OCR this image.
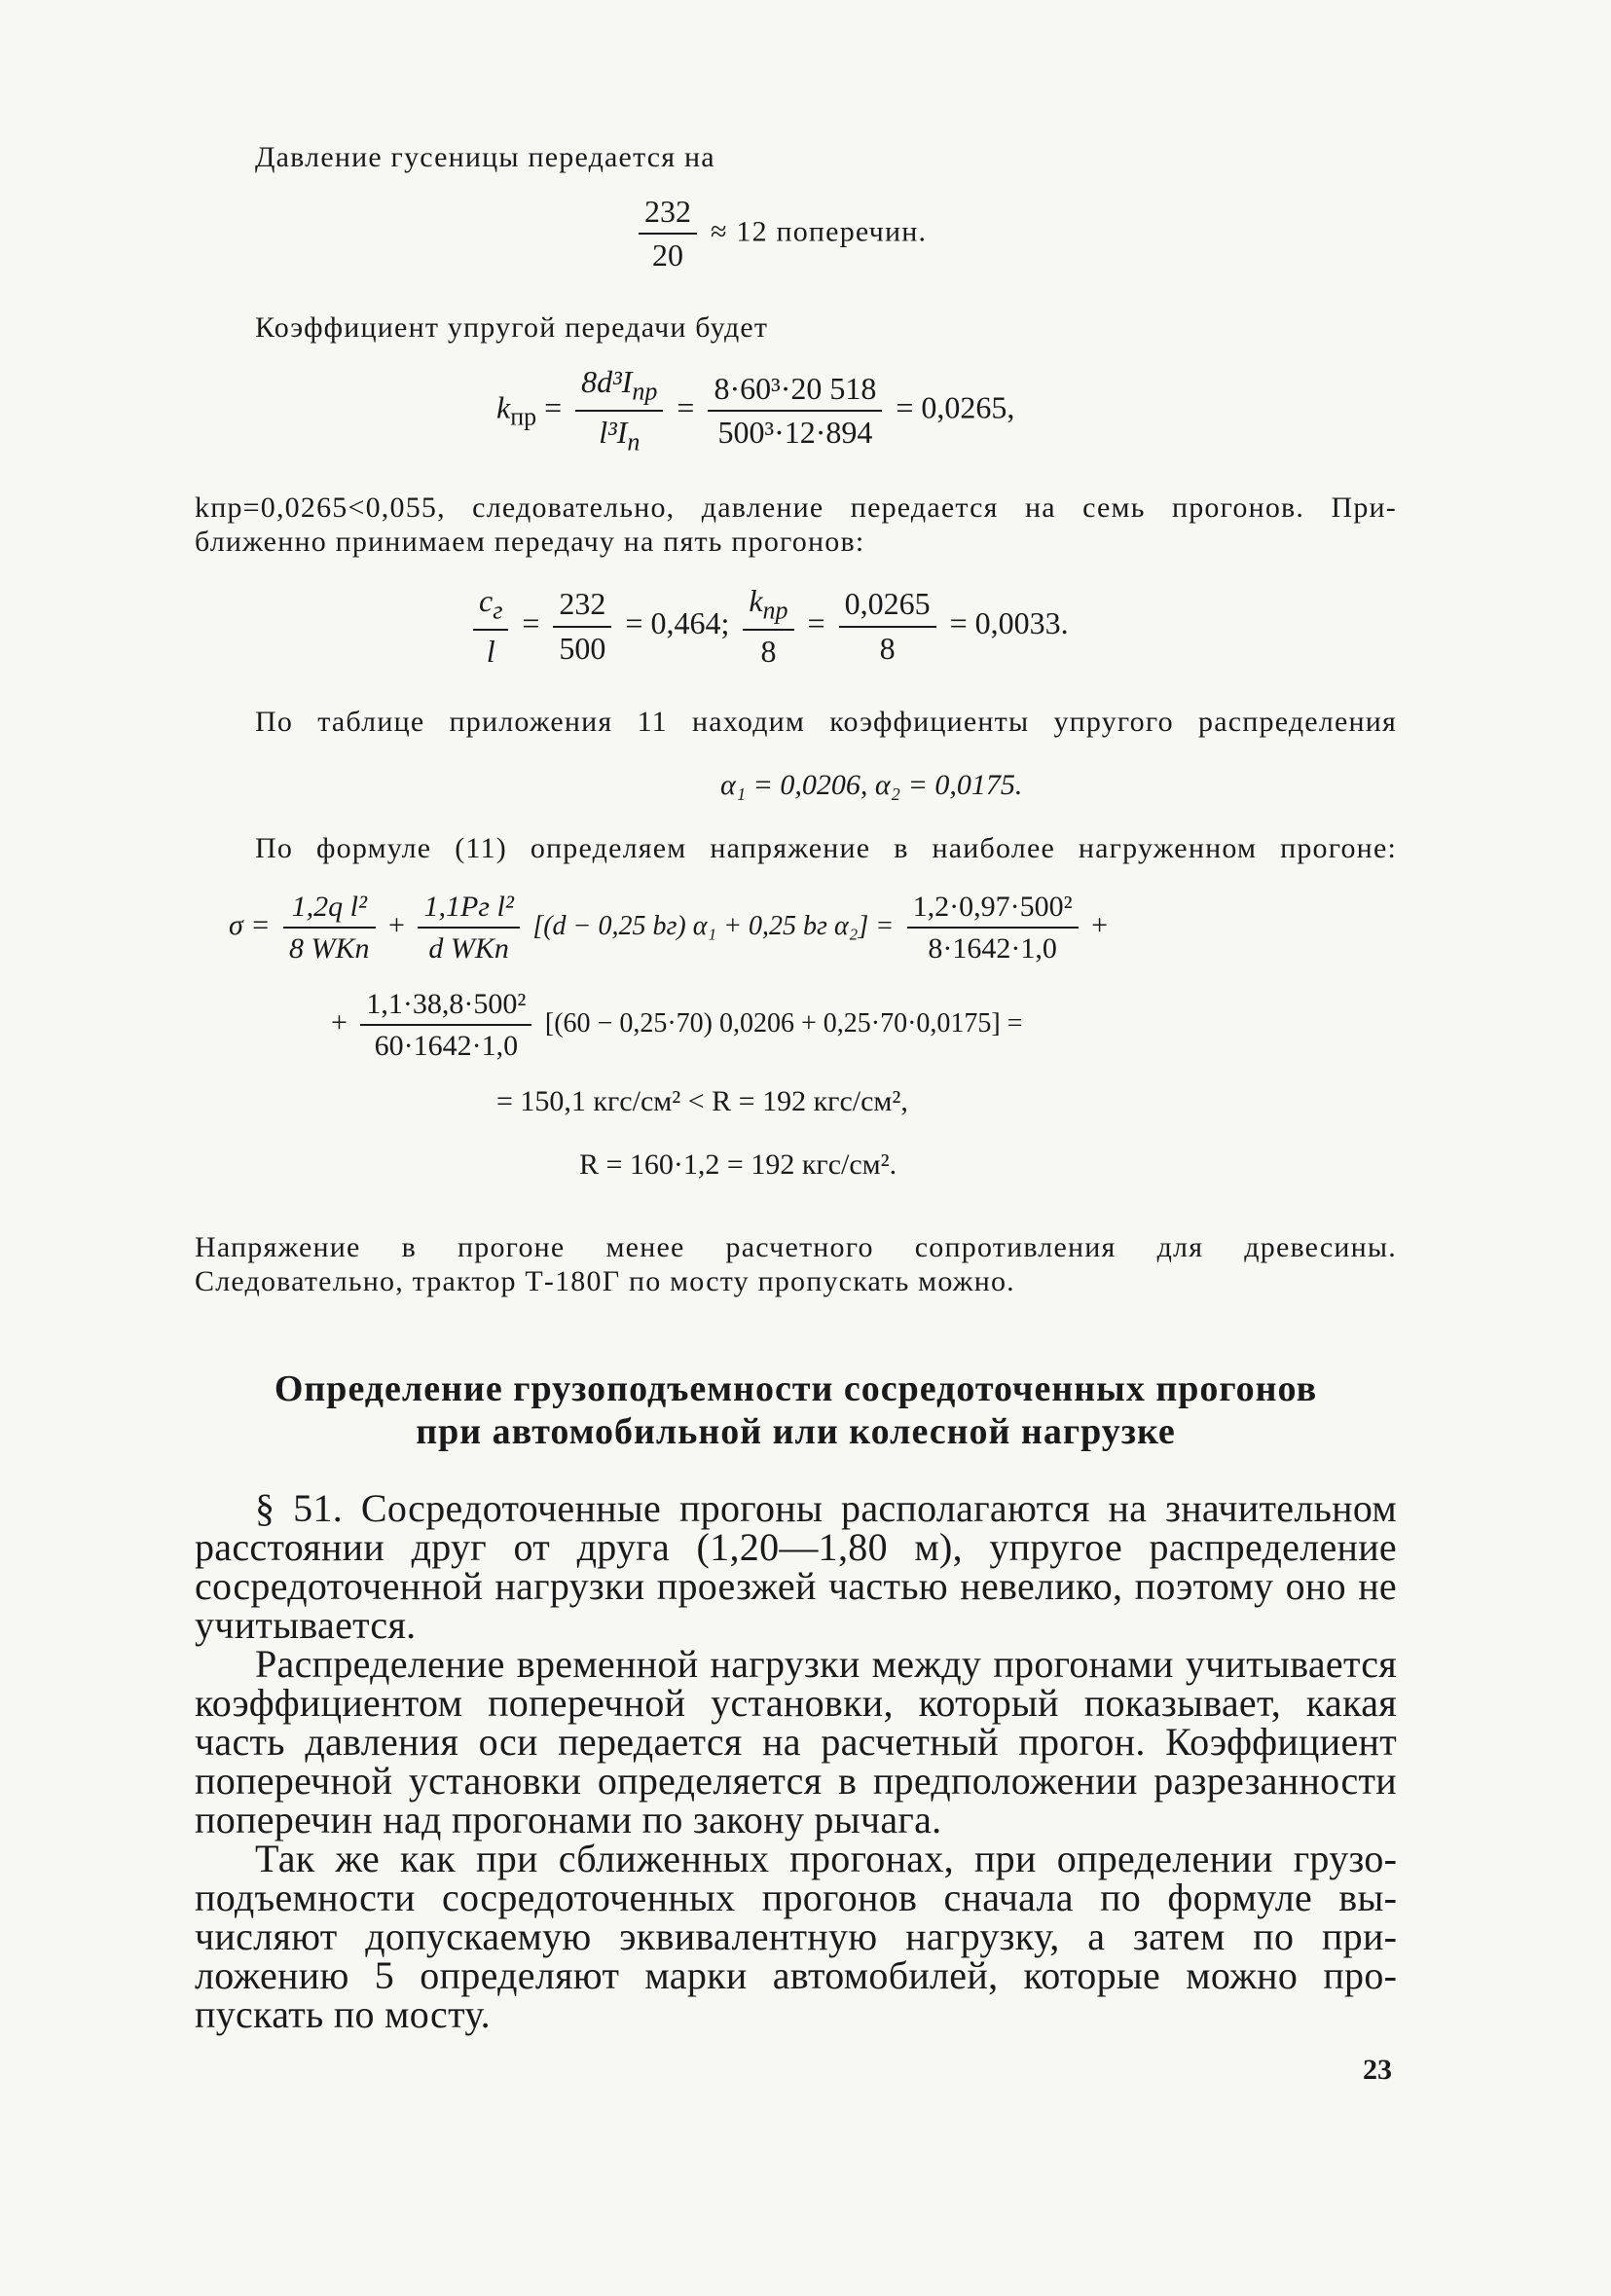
Давление гусеницы передается на
$\frac{232}{20} \approx 12$ поперечин.
Коэффициент упругой передачи будет
$k_{пр} = \frac{8d^3I_{пр}}{l^3I_п} = \frac{\text{8·60³·20 518}}{\text{500³·12·894}} = 0,0265$,
kпр=0,0265<0,055, следовательно, давление передается на семь прогонов. При-
ближенно принимаем передачу на пять прогонов:
$\frac{c_г}{l} = \frac{232}{500} = 0,464$; $\frac{k_{пр}}{8} = \frac{0,0265}{8} = 0,0033$.
По таблице приложения 11 находим коэффициенты упругого распределения
α₁ = 0,0206, α₂ = 0,0175.
По формуле (11) определяем напряжение в наиболее нагруженном прогоне:
$\sigma = \frac{\text{1,2q l²}}{\text{8 WKп}} + \frac{\text{1,1Pг l²}}{\text{d WKп}} [(d - 0,25$ bг) α₁ + 0,25 bг $\alpha_2] = \frac{\text{1,2·0,97·500²}}{8\cdot 1642\cdot 1,0}$ +
+ $\frac{\text{1,1·38,8·500²}}{60\cdot 1642\cdot 1,0} [(60 - 0,25\cdot 70) 0,0206 + 0,25\cdot 70\cdot 0,0175]$ =
= 150,1 кгс/см² < R = 192 кгс/см²,
R = 160·1,2 = 192 кгс/см².
Напряжение в прогоне менее расчетного сопротивления для древесины.
Следовательно, трактор Т-180Г по мосту пропускать можно.
Определение грузоподъемности сосредоточенных прогонов
при автомобильной или колесной нагрузке
§ 51. Сосредоточенные прогоны располагаются на значительном расстоянии друг от друга (1,20—1,80 м), упругое распределение сосредоточенной нагрузки проезжей частью невелико, поэтому оно не учитывается.
Распределение временной нагрузки между прогонами учитывается коэффициентом поперечной установки, который показывает, какая часть давления оси передается на расчетный прогон. Коэффициент поперечной установки определяется в предположении разрезанности поперечин над прогонами по закону рычага.
Так же как при сближенных прогонах, при определении грузоподъемности сосредоточенных прогонов сначала по формуле вычисляют допускаемую эквивалентную нагрузку, а затем по приложению 5 определяют марки автомобилей, которые можно пропускать по мосту.
23
